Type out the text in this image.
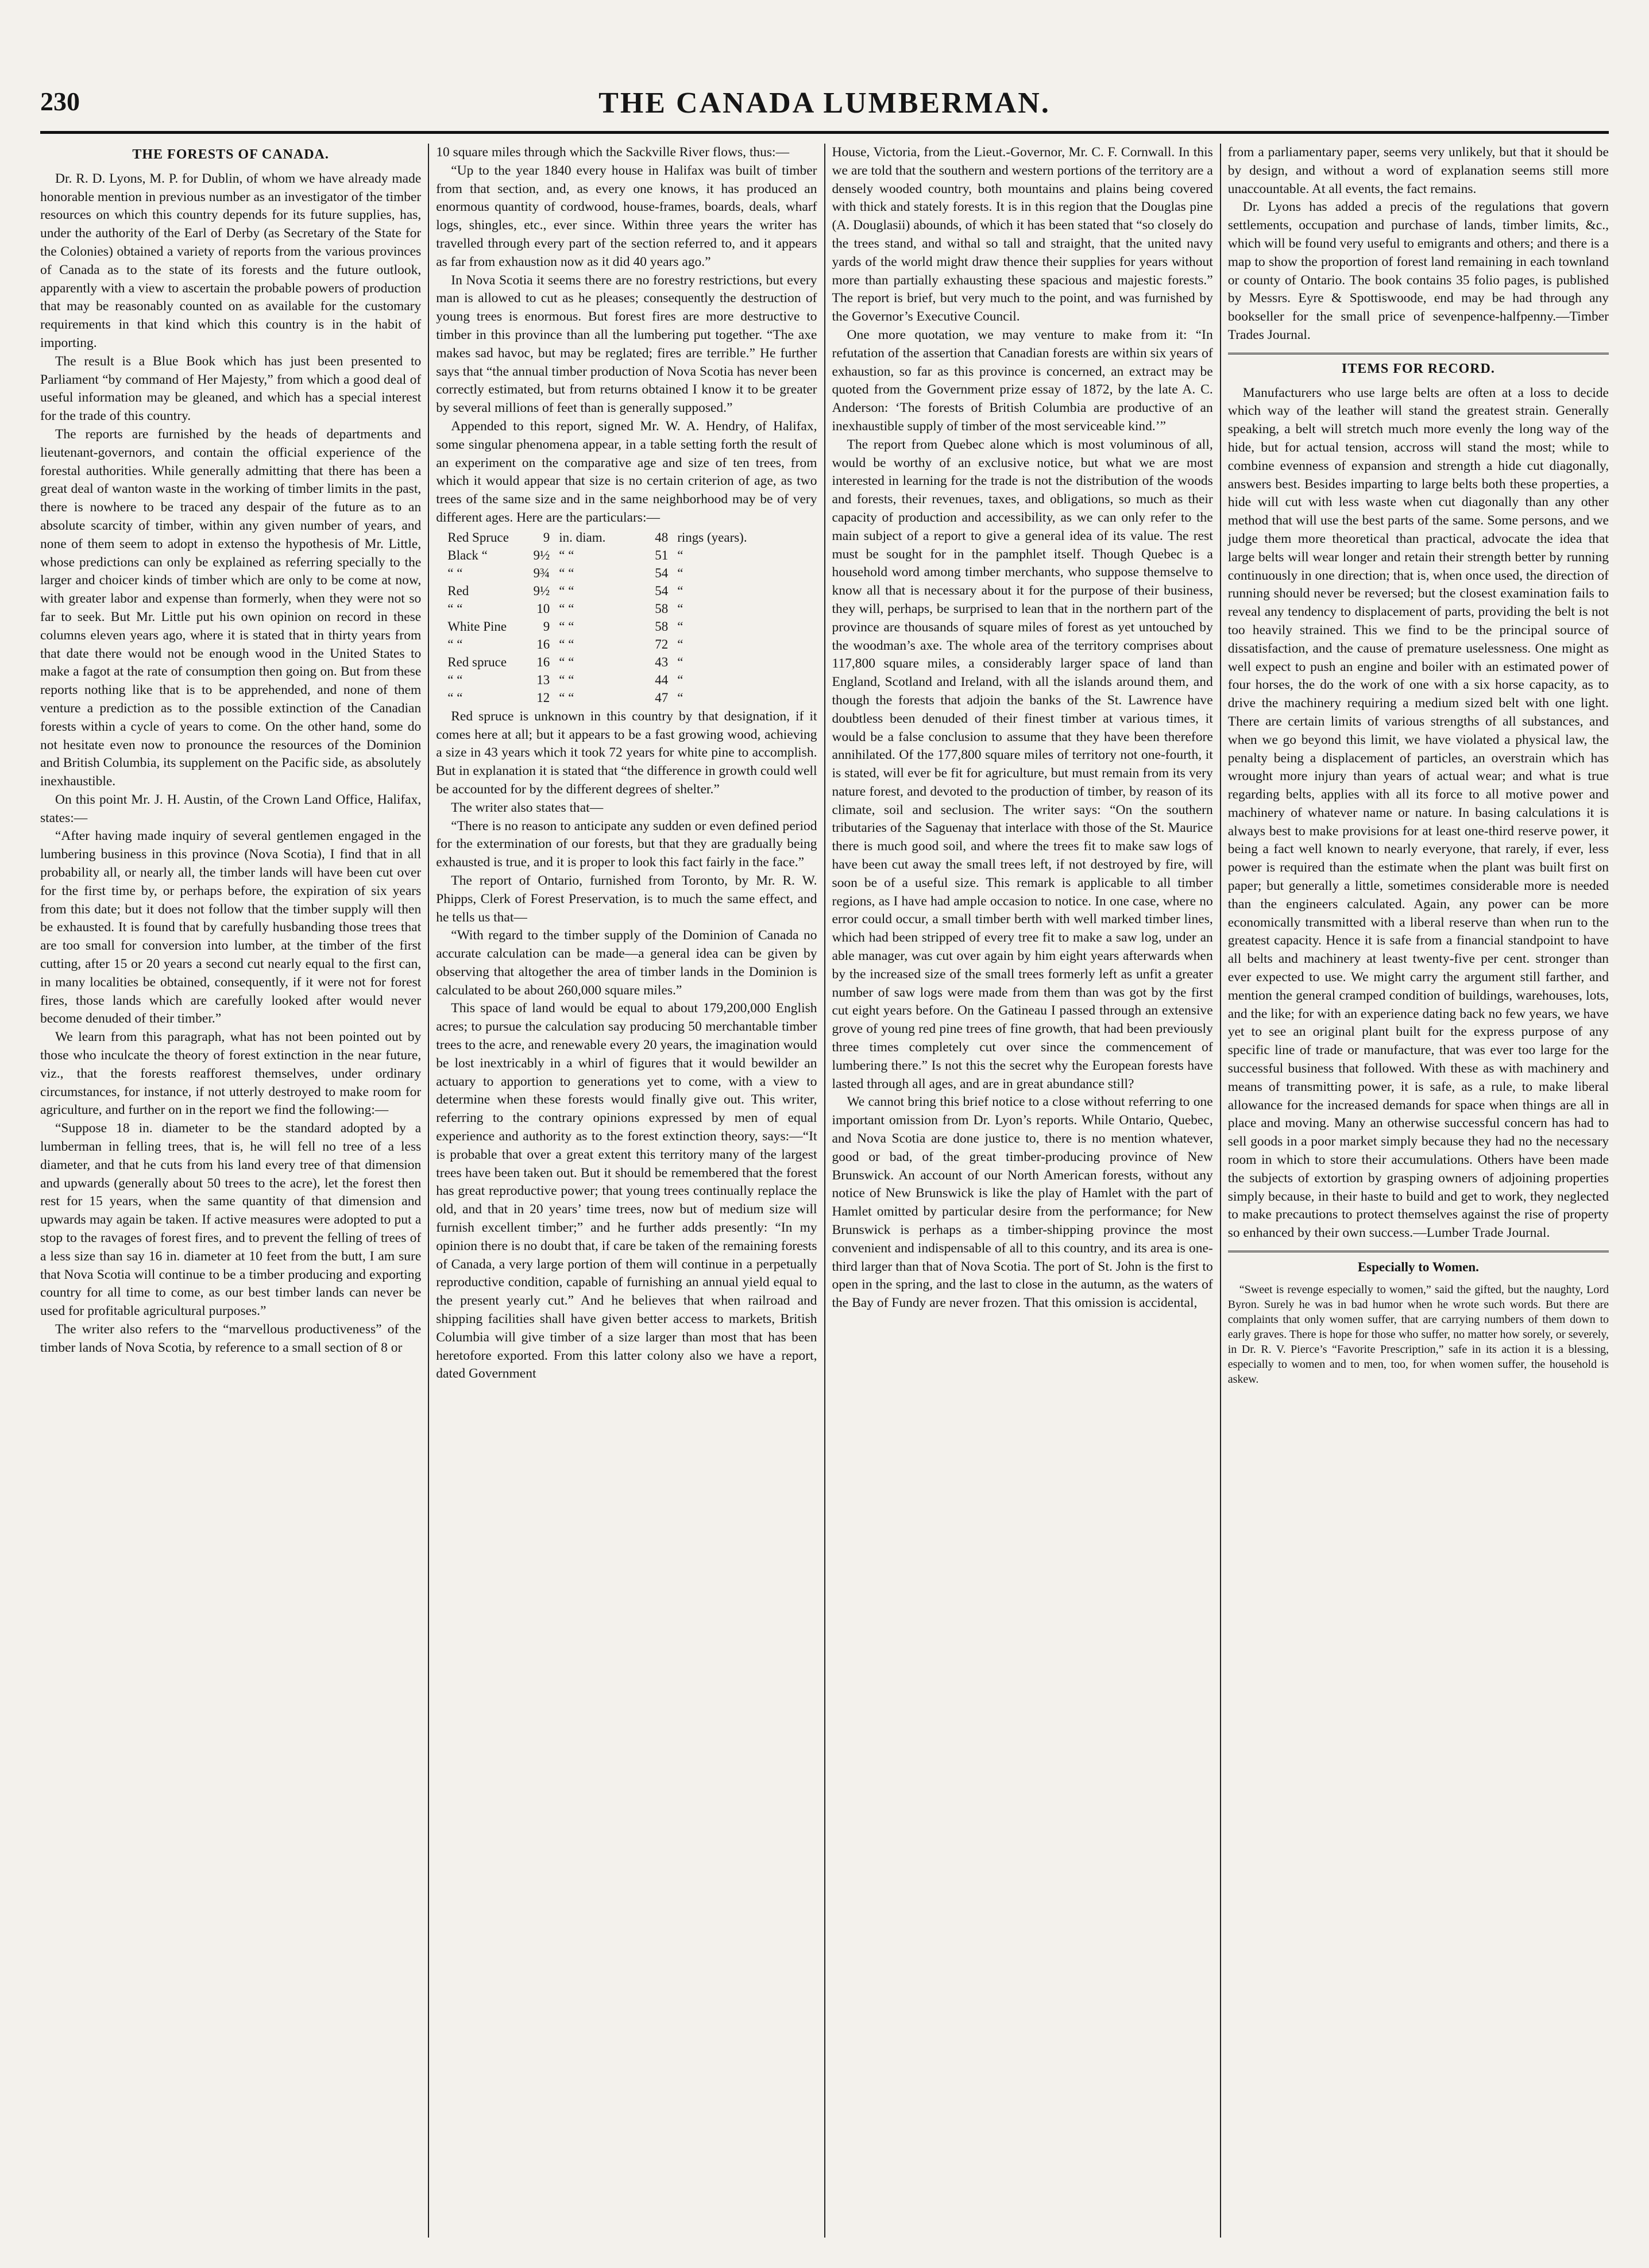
230	THE CANADA LUMBERMAN.
THE FORESTS OF CANADA.

Dr. R. D. Lyons, M. P. for Dublin, of whom we have already made honorable mention in previous number as an investigator of the timber resources on which this country depends for its future supplies, has, under the authority of the Earl of Derby (as Secretary of the State for the Colonies) obtained a variety of reports from the various provinces of Canada as to the state of its forests and the future outlook, apparently with a view to ascertain the probable powers of production that may be reasonably counted on as available for the customary requirements in that kind which this country is in the habit of importing.

The result is a Blue Book which has just been presented to Parliament “by command of Her Majesty,” from which a good deal of useful information may be gleaned, and which has a special interest for the trade of this country.

The reports are furnished by the heads of departments and lieutenant-governors, and contain the official experience of the forestal authorities. While generally admitting that there has been a great deal of wanton waste in the working of timber limits in the past, there is nowhere to be traced any despair of the future as to an absolute scarcity of timber, within any given number of years, and none of them seem to adopt in extenso the hypothesis of Mr. Little, whose predictions can only be explained as referring specially to the larger and choicer kinds of timber which are only to be come at now, with greater labor and expense than formerly, when they were not so far to seek. But Mr. Little put his own opinion on record in these columns eleven years ago, where it is stated that in thirty years from that date there would not be enough wood in the United States to make a fagot at the rate of consumption then going on. But from these reports nothing like that is to be apprehended, and none of them venture a prediction as to the possible extinction of the Canadian forests within a cycle of years to come. On the other hand, some do not hesitate even now to pronounce the resources of the Dominion and British Columbia, its supplement on the Pacific side, as absolutely inexhaustible.

On this point Mr. J. H. Austin, of the Crown Land Office, Halifax, states:—

“After having made inquiry of several gentlemen engaged in the lumbering business in this province (Nova Scotia), I find that in all probability all, or nearly all, the timber lands will have been cut over for the first time by, or perhaps before, the expiration of six years from this date; but it does not follow that the timber supply will then be exhausted. It is found that by carefully husbanding those trees that are too small for conversion into lumber, at the timber of the first cutting, after 15 or 20 years a second cut nearly equal to the first can, in many localities be obtained, consequently, if it were not for forest fires, those lands which are carefully looked after would never become denuded of their timber.”

We learn from this paragraph, what has not been pointed out by those who inculcate the theory of forest extinction in the near future, viz., that the forests reafforest themselves, under ordinary circumstances, for instance, if not utterly destroyed to make room for agriculture, and further on in the report we find the following:—

“Suppose 18 in. diameter to be the standard adopted by a lumberman in felling trees, that is, he will fell no tree of a less diameter, and that he cuts from his land every tree of that dimension and upwards (generally about 50 trees to the acre), let the forest then rest for 15 years, when the same quantity of that dimension and upwards may again be taken. If active measures were adopted to put a stop to the ravages of forest fires, and to prevent the felling of trees of a less size than say 16 in. diameter at 10 feet from the butt, I am sure that Nova Scotia will continue to be a timber producing and exporting country for all time to come, as our best timber lands can never be used for profitable agricultural purposes.”

The writer also refers to the “marvellous productiveness” of the timber lands of Nova Scotia, by reference to a small section of 8 or

10 square miles through which the Sackville River flows, thus:—

“Up to the year 1840 every house in Halifax was built of timber from that section, and, as every one knows, it has produced an enormous quantity of cordwood, house-frames, boards, deals, wharf logs, shingles, etc., ever since. Within three years the writer has travelled through every part of the section referred to, and it appears as far from exhaustion now as it did 40 years ago.”

In Nova Scotia it seems there are no forestry restrictions, but every man is allowed to cut as he pleases; consequently the destruction of young trees is enormous. But forest fires are more destructive to timber in this province than all the lumbering put together. “The axe makes sad havoc, but may be reglated; fires are terrible.” He further says that “the annual timber production of Nova Scotia has never been correctly estimated, but from returns obtained I know it to be greater by several millions of feet than is generally supposed.”

Appended to this report, signed Mr. W. A. Hendry, of Halifax, some singular phenomena appear, in a table setting forth the result of an experiment on the comparative age and size of ten trees, from which it would appear that size is no certain criterion of age, as two trees of the same size and in the same neighborhood may be of very different ages. Here are the particulars:—

Red Spruce	9 in. diam.	48 rings (years).
Black “	9½ “ “	51 “
“ “	9¾ “ “	54 “
Red	9½ “ “	54 “
“ “	10 “ “	58 “
White Pine	9 “ “	58 “
“ “	16 “ “	72 “
Red spruce	16 “ “	43 “
“ “	13 “ “	44 “
“ “	12 “ “	47 “

Red spruce is unknown in this country by that designation, if it comes here at all; but it appears to be a fast growing wood, achieving a size in 43 years which it took 72 years for white pine to accomplish. But in explanation it is stated that “the difference in growth could well be accounted for by the different degrees of shelter.”

The writer also states that—

“There is no reason to anticipate any sudden or even defined period for the extermination of our forests, but that they are gradually being exhausted is true, and it is proper to look this fact fairly in the face.”

The report of Ontario, furnished from Toronto, by Mr. R. W. Phipps, Clerk of Forest Preservation, is to much the same effect, and he tells us that—

“With regard to the timber supply of the Dominion of Canada no accurate calculation can be made—a general idea can be given by observing that altogether the area of timber lands in the Dominion is calculated to be about 260,000 square miles.”

This space of land would be equal to about 179,200,000 English acres; to pursue the calculation say producing 50 merchantable timber trees to the acre, and renewable every 20 years, the imagination would be lost inextricably in a whirl of figures that it would bewilder an actuary to apportion to generations yet to come, with a view to determine when these forests would finally give out. This writer, referring to the contrary opinions expressed by men of equal experience and authority as to the forest extinction theory, says:—“It is probable that over a great extent this territory many of the largest trees have been taken out. But it should be remembered that the forest has great reproductive power; that young trees continually replace the old, and that in 20 years’ time trees, now but of medium size will furnish excellent timber;” and he further adds presently: “In my opinion there is no doubt that, if care be taken of the remaining forests of Canada, a very large portion of them will continue in a perpetually reproductive condition, capable of furnishing an annual yield equal to the present yearly cut.” And he believes that when railroad and shipping facilities shall have given better access to markets, British Columbia will give timber of a size larger than most that has been heretofore exported. From this latter colony also we have a report, dated Government

House, Victoria, from the Lieut.-Governor, Mr. C. F. Cornwall. In this we are told that the southern and western portions of the territory are a densely wooded country, both mountains and plains being covered with thick and stately forests. It is in this region that the Douglas pine (A. Douglasii) abounds, of which it has been stated that “so closely do the trees stand, and withal so tall and straight, that the united navy yards of the world might draw thence their supplies for years without more than partially exhausting these spacious and majestic forests.” The report is brief, but very much to the point, and was furnished by the Governor’s Executive Council.

One more quotation, we may venture to make from it: “In refutation of the assertion that Canadian forests are within six years of exhaustion, so far as this province is concerned, an extract may be quoted from the Government prize essay of 1872, by the late A. C. Anderson: ‘The forests of British Columbia are productive of an inexhaustible supply of timber of the most serviceable kind.’”

The report from Quebec alone which is most voluminous of all, would be worthy of an exclusive notice, but what we are most interested in learning for the trade is not the distribution of the woods and forests, their revenues, taxes, and obligations, so much as their capacity of production and accessibility, as we can only refer to the main subject of a report to give a general idea of its value. The rest must be sought for in the pamphlet itself. Though Quebec is a household word among timber merchants, who suppose themselve to know all that is necessary about it for the purpose of their business, they will, perhaps, be surprised to lean that in the northern part of the province are thousands of square miles of forest as yet untouched by the woodman’s axe. The whole area of the territory comprises about 117,800 square miles, a considerably larger space of land than England, Scotland and Ireland, with all the islands around them, and though the forests that adjoin the banks of the St. Lawrence have doubtless been denuded of their finest timber at various times, it would be a false conclusion to assume that they have been therefore annihilated. Of the 177,800 square miles of territory not one-fourth, it is stated, will ever be fit for agriculture, but must remain from its very nature forest, and devoted to the production of timber, by reason of its climate, soil and seclusion. The writer says: “On the southern tributaries of the Saguenay that interlace with those of the St. Maurice there is much good soil, and where the trees fit to make saw logs of have been cut away the small trees left, if not destroyed by fire, will soon be of a useful size. This remark is applicable to all timber regions, as I have had ample occasion to notice. In one case, where no error could occur, a small timber berth with well marked timber lines, which had been stripped of every tree fit to make a saw log, under an able manager, was cut over again by him eight years afterwards when by the increased size of the small trees formerly left as unfit a greater number of saw logs were made from them than was got by the first cut eight years before. On the Gatineau I passed through an extensive grove of young red pine trees of fine growth, that had been previously three times completely cut over since the commencement of lumbering there.” Is not this the secret why the European forests have lasted through all ages, and are in great abundance still?

We cannot bring this brief notice to a close without referring to one important omission from Dr. Lyon’s reports. While Ontario, Quebec, and Nova Scotia are done justice to, there is no mention whatever, good or bad, of the great timber-producing province of New Brunswick. An account of our North American forests, without any notice of New Brunswick is like the play of Hamlet with the part of Hamlet omitted by particular desire from the performance; for New Brunswick is perhaps as a timber-shipping province the most convenient and indispensable of all to this country, and its area is one-third larger than that of Nova Scotia. The port of St. John is the first to open in the spring, and the last to close in the autumn, as the waters of the Bay of Fundy are never frozen. That this omission is accidental,

from a parliamentary paper, seems very unlikely, but that it should be by design, and without a word of explanation seems still more unaccountable. At all events, the fact remains.

Dr. Lyons has added a precis of the regulations that govern settlements, occupation and purchase of lands, timber limits, &c., which will be found very useful to emigrants and others; and there is a map to show the proportion of forest land remaining in each townland or county of Ontario. The book contains 35 folio pages, is published by Messrs. Eyre & Spottiswoode, end may be had through any bookseller for the small price of sevenpence-halfpenny.—Timber Trades Journal.

ITEMS FOR RECORD.

Manufacturers who use large belts are often at a loss to decide which way of the leather will stand the greatest strain. Generally speaking, a belt will stretch much more evenly the long way of the hide, but for actual tension, accross will stand the most; while to combine evenness of expansion and strength a hide cut diagonally, answers best. Besides imparting to large belts both these properties, a hide will cut with less waste when cut diagonally than any other method that will use the best parts of the same. Some persons, and we judge them more theoretical than practical, advocate the idea that large belts will wear longer and retain their strength better by running continuously in one direction; that is, when once used, the direction of running should never be reversed; but the closest examination fails to reveal any tendency to displacement of parts, providing the belt is not too heavily strained. This we find to be the principal source of dissatisfaction, and the cause of premature uselessness. One might as well expect to push an engine and boiler with an estimated power of four horses, the do the work of one with a six horse capacity, as to drive the machinery requiring a medium sized belt with one light. There are certain limits of various strengths of all substances, and when we go beyond this limit, we have violated a physical law, the penalty being a displacement of particles, an overstrain which has wrought more injury than years of actual wear; and what is true regarding belts, applies with all its force to all motive power and machinery of whatever name or nature. In basing calculations it is always best to make provisions for at least one-third reserve power, it being a fact well known to nearly everyone, that rarely, if ever, less power is required than the estimate when the plant was built first on paper; but generally a little, sometimes considerable more is needed than the engineers calculated. Again, any power can be more economically transmitted with a liberal reserve than when run to the greatest capacity. Hence it is safe from a financial standpoint to have all belts and machinery at least twenty-five per cent. stronger than ever expected to use. We might carry the argument still farther, and mention the general cramped condition of buildings, warehouses, lots, and the like; for with an experience dating back no few years, we have yet to see an original plant built for the express purpose of any specific line of trade or manufacture, that was ever too large for the successful business that followed. With these as with machinery and means of transmitting power, it is safe, as a rule, to make liberal allowance for the increased demands for space when things are all in place and moving. Many an otherwise successful concern has had to sell goods in a poor market simply because they had no the necessary room in which to store their accumulations. Others have been made the subjects of extortion by grasping owners of adjoining properties simply because, in their haste to build and get to work, they neglected to make precautions to protect themselves against the rise of property so enhanced by their own success.—Lumber Trade Journal.

Especially to Women.

“Sweet is revenge especially to women,” said the gifted, but the naughty, Lord Byron. Surely he was in bad humor when he wrote such words. But there are complaints that only women suffer, that are carrying numbers of them down to early graves. There is hope for those who suffer, no matter how sorely, or severely, in Dr. R. V. Pierce’s “Favorite Prescription,” safe in its action it is a blessing, especially to women and to men, too, for when women suffer, the household is askew.
